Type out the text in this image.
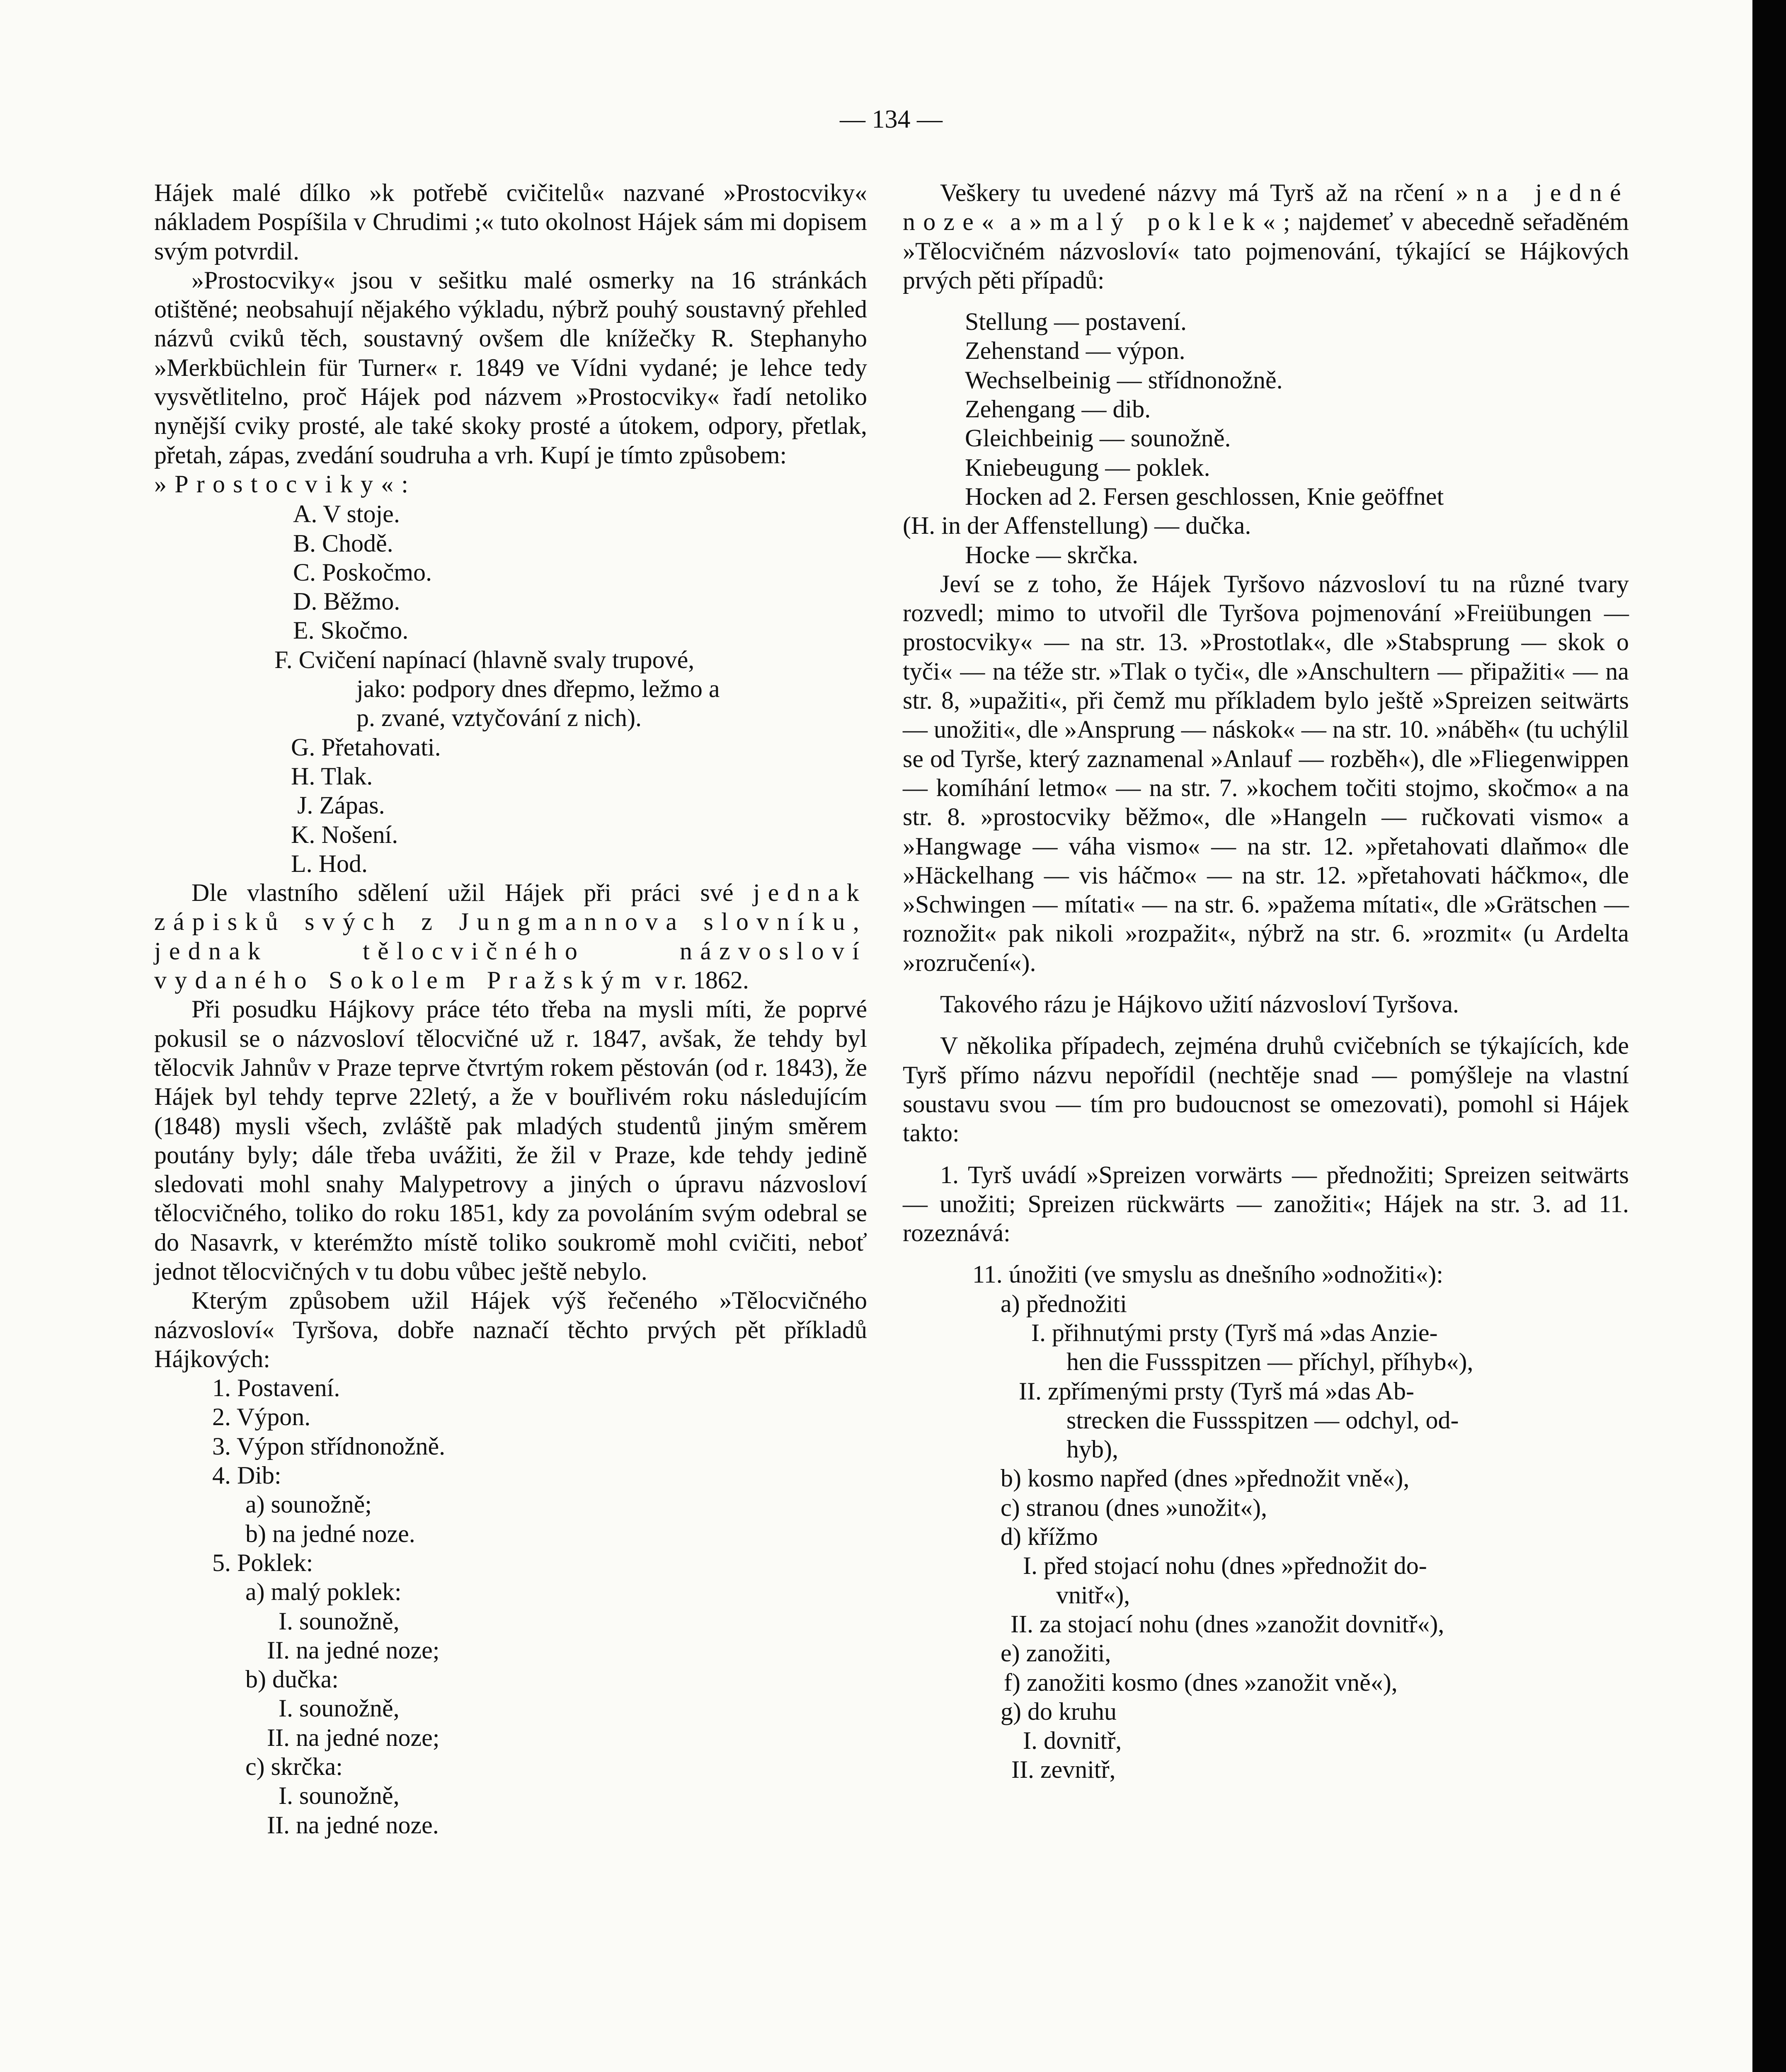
— 134 —

Hájek malé dílko »k potřebě cvičitelů« nazvané »Prostocviky« nákladem Pospíšila v Chrudimi ;« tuto okolnost Hájek sám mi dopisem svým potvrdil.

»Prostocviky« jsou v sešitku malé osmerky na 16 stránkách otištěné; neobsahují nějakého výkladu, nýbrž pouhý soustavný přehled názvů cviků těch, soustavný ovšem dle knížečky R. Stephanyho »Merkbüchlein für Turner« r. 1849 ve Vídni vydané; je lehce tedy vysvětlitelno, proč Hájek pod názvem »Prostocviky« řadí netoliko nynější cviky prosté, ale také skoky prosté a útokem, odpory, přetlak, přetah, zápas, zvedání soudruha a vrh. Kupí je tímto způsobem:
»Prostocviky«:

A. V stoje.

B. Chodě.

C. Poskočmo.

D. Běžmo.

E. Skočmo.

F. Cvičení napínací (hlavně svaly trupové,

jako: podpory dnes dřepmo, ležmo a

p. zvané, vztyčování z nich).

G. Přetahovati.

H. Tlak.

J. Zápas.

K. Nošení.

L. Hod.

Dle vlastního sdělení užil Hájek při práci své jednak zápisků svých z Jungmannova slovníku, jednak tělocvičného názvosloví vydaného Sokolem Pražským v r. 1862.

Při posudku Hájkovy práce této třeba na mysli míti, že poprvé pokusil se o názvosloví tělocvičné už r. 1847, avšak, že tehdy byl tělocvik Jahnův v Praze teprve čtvrtým rokem pěstován (od r. 1843), že Hájek byl tehdy teprve 22letý, a že v bouřlivém roku následujícím (1848) mysli všech, zvláště pak mladých studentů jiným směrem poutány byly; dále třeba uvážiti, že žil v Praze, kde tehdy jedině sledovati mohl snahy Malypetrovy a jiných o úpravu názvosloví tělocvičného, toliko do roku 1851, kdy za povoláním svým odebral se do Nasavrk, v kterémžto místě toliko soukromě mohl cvičiti, neboť jednot tělocvičných v tu dobu vůbec ještě nebylo.

Kterým způsobem užil Hájek výš řečeného »Tělocvičného názvosloví« Tyršova, dobře naznačí těchto prvých pět příkladů Hájkových:

1. Postavení.

2. Výpon.

3. Výpon střídnonožně.

4. Dib:

a) sounožně;

b) na jedné noze.

5. Poklek:

a) malý poklek:

I. sounožně,

II. na jedné noze;

b) dučka:

I. sounožně,

II. na jedné noze;

c) skrčka:

I. sounožně,

II. na jedné noze.

Veškery tu uvedené názvy má Tyrš až na rčení »na jedné noze« a »malý poklek«; najdemeť v abecedně seřaděném »Tělocvičném názvosloví« tato pojmenování, týkající se Hájkových prvých pěti případů:

Stellung — postavení.

Zehenstand — výpon.

Wechselbeinig — střídnonožně.

Zehengang — dib.

Gleichbeinig — sounožně.

Kniebeugung — poklek.

Hocken ad 2. Fersen geschlossen, Knie geöffnet

(H. in der Affenstellung) — dučka.

Hocke — skrčka.

Jeví se z toho, že Hájek Tyršovo názvosloví tu na různé tvary rozvedl; mimo to utvořil dle Tyršova pojmenování »Freiübungen — prostocviky« — na str. 13. »Prostotlak«, dle »Stabsprung — skok o tyči« — na téže str. »Tlak o tyči«, dle »Anschultern — připažiti« — na str. 8, »upažiti«, při čemž mu příkladem bylo ještě »Spreizen seitwärts — unožiti«, dle »Ansprung — náskok« — na str. 10. »náběh« (tu uchýlil se od Tyrše, který zaznamenal »Anlauf — rozběh«), dle »Fliegenwippen — komíhání letmo« — na str. 7. »kochem točiti stojmo, skočmo« a na str. 8. »prostocviky běžmo«, dle »Hangeln — ručkovati vismo« a »Hangwage — váha vismo« — na str. 12. »přetahovati dlaňmo« dle »Häckelhang — vis háčmo« — na str. 12. »přetahovati háčkmo«, dle »Schwingen — mítati« — na str. 6. »pažema mítati«, dle »Grätschen — roznožit« pak nikoli »rozpažit«, nýbrž na str. 6. »rozmit« (u Ardelta »rozručení«).

Takového rázu je Hájkovo užití názvosloví Tyršova.

V několika případech, zejména druhů cvičebních se týkajících, kde Tyrš přímo názvu nepořídil (nechtěje snad — pomýšleje na vlastní soustavu svou — tím pro budoucnost se omezovati), pomohl si Hájek takto:

1. Tyrš uvádí »Spreizen vorwärts — přednožiti; Spreizen seitwärts — unožiti; Spreizen rückwärts — zanožiti«; Hájek na str. 3. ad 11. rozeznává:

11. únožiti (ve smyslu as dnešního »odnožiti«):

a) přednožiti

I. přihnutými prsty (Tyrš má »das Anzie-

hen die Fussspitzen — příchyl, příhyb«),

II. zpřímenými prsty (Tyrš má »das Ab-

strecken die Fussspitzen — odchyl, od-

hyb),

b) kosmo napřed (dnes »přednožit vně«),

c) stranou (dnes »unožit«),

d) křížmo

I. před stojací nohu (dnes »přednožit do-

vnitř«),

II. za stojací nohu (dnes »zanožit dovnitř«),

e) zanožiti,

f) zanožiti kosmo (dnes »zanožit vně«),

g) do kruhu

I. dovnitř,

II. zevnitř,
